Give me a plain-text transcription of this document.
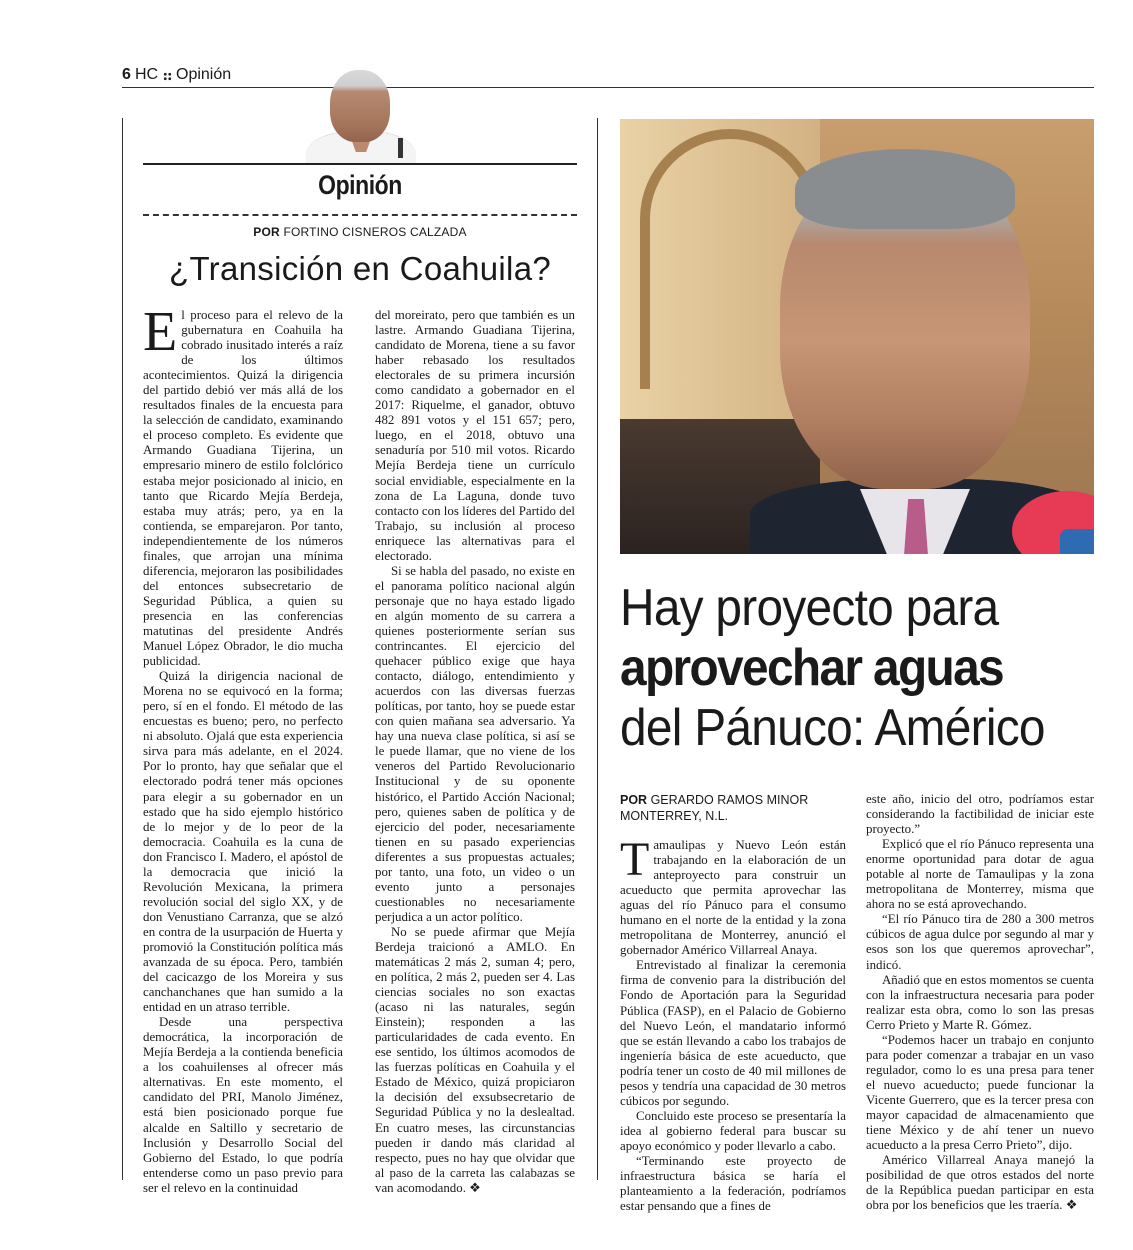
6 HC Opinión
Opinión
POR FORTINO CISNEROS CALZADA
¿Transición en Coahuila?

El proceso para el relevo de la gubernatura en Coahuila ha cobrado inusitado interés a raíz de los últimos acontecimientos. Quizá la dirigencia del partido debió ver más allá de los resultados finales de la encuesta para la selección de candidato, examinando el proceso completo. Es evidente que Armando Guadiana Tijerina, un empresario minero de estilo folclórico estaba mejor posicionado al inicio, en tanto que Ricardo Mejía Berdeja, estaba muy atrás; pero, ya en la contienda, se emparejaron. Por tanto, independientemente de los números finales, que arrojan una mínima diferencia, mejoraron las posibilidades del entonces subsecretario de Seguridad Pública, a quien su presencia en las conferencias matutinas del presidente Andrés Manuel López Obrador, le dio mucha publicidad.

Quizá la dirigencia nacional de Morena no se equivocó en la forma; pero, sí en el fondo. El método de las encuestas es bueno; pero, no perfecto ni absoluto. Ojalá que esta experiencia sirva para más adelante, en el 2024. Por lo pronto, hay que señalar que el electorado podrá tener más opciones para elegir a su gobernador en un estado que ha sido ejemplo histórico de lo mejor y de lo peor de la democracia. Coahuila es la cuna de don Francisco I. Madero, el apóstol de la democracia que inició la Revolución Mexicana, la primera revolución social del siglo XX, y de don Venustiano Carranza, que se alzó en contra de la usurpación de Huerta y promovió la Constitución política más avanzada de su época. Pero, también del cacicazgo de los Moreira y sus canchanchanes que han sumido a la entidad en un atraso terrible.

Desde una perspectiva democrática, la incorporación de Mejía Berdeja a la contienda beneficia a los coahuilenses al ofrecer más alternativas. En este momento, el candidato del PRI, Manolo Jiménez, está bien posicionado porque fue alcalde en Saltillo y secretario de Inclusión y Desarrollo Social del Gobierno del Estado, lo que podría entenderse como un paso previo para ser el relevo en la continuidad

del moreirato, pero que también es un lastre. Armando Guadiana Tijerina, candidato de Morena, tiene a su favor haber rebasado los resultados electorales de su primera incursión como candidato a gobernador en el 2017: Riquelme, el ganador, obtuvo 482 891 votos y el 151 657; pero, luego, en el 2018, obtuvo una senaduría por 510 mil votos. Ricardo Mejía Berdeja tiene un currículo social envidiable, especialmente en la zona de La Laguna, donde tuvo contacto con los líderes del Partido del Trabajo, su inclusión al proceso enriquece las alternativas para el electorado.

Si se habla del pasado, no existe en el panorama político nacional algún personaje que no haya estado ligado en algún momento de su carrera a quienes posteriormente serían sus contrincantes. El ejercicio del quehacer público exige que haya contacto, diálogo, entendimiento y acuerdos con las diversas fuerzas políticas, por tanto, hoy se puede estar con quien mañana sea adversario. Ya hay una nueva clase política, si así se le puede llamar, que no viene de los veneros del Partido Revolucionario Institucional y de su oponente histórico, el Partido Acción Nacional; pero, quienes saben de política y de ejercicio del poder, necesariamente tienen en su pasado experiencias diferentes a sus propuestas actuales; por tanto, una foto, un video o un evento junto a personajes cuestionables no necesariamente perjudica a un actor político.

No se puede afirmar que Mejía Berdeja traicionó a AMLO. En matemáticas 2 más 2, suman 4; pero, en política, 2 más 2, pueden ser 4. Las ciencias sociales no son exactas (acaso ni las naturales, según Einstein); responden a las particularidades de cada evento. En ese sentido, los últimos acomodos de las fuerzas políticas en Coahuila y el Estado de México, quizá propiciaron la decisión del exsubsecretario de Seguridad Pública y no la deslealtad. En cuatro meses, las circunstancias pueden ir dando más claridad al respecto, pues no hay que olvidar que al paso de la carreta las calabazas se van acomodando. ❖

Hay proyecto para
aprovechar aguas
del Pánuco: Américo
POR GERARDO RAMOS MINOR
MONTERREY, N.L.

Tamaulipas y Nuevo León están trabajando en la elaboración de un anteproyecto para construir un acueducto que permita aprovechar las aguas del río Pánuco para el consumo humano en el norte de la entidad y la zona metropolitana de Monterrey, anunció el gobernador Américo Villarreal Anaya.

Entrevistado al finalizar la ceremonia firma de convenio para la distribución del Fondo de Aportación para la Seguridad Pública (FASP), en el Palacio de Gobierno del Nuevo León, el mandatario informó que se están llevando a cabo los trabajos de ingeniería básica de este acueducto, que podría tener un costo de 40 mil millones de pesos y tendría una capacidad de 30 metros cúbicos por segundo.

Concluido este proceso se presentaría la idea al gobierno federal para buscar su apoyo económico y poder llevarlo a cabo.

“Terminando este proyecto de infraestructura básica se haría el planteamiento a la federación, podríamos estar pensando que a fines de

este año, inicio del otro, podríamos estar considerando la factibilidad de iniciar este proyecto.”

Explicó que el río Pánuco representa una enorme oportunidad para dotar de agua potable al norte de Tamaulipas y la zona metropolitana de Monterrey, misma que ahora no se está aprovechando.

“El río Pánuco tira de 280 a 300 metros cúbicos de agua dulce por segundo al mar y esos son los que queremos aprovechar”, indicó.

Añadió que en estos momentos se cuenta con la infraestructura necesaria para poder realizar esta obra, como lo son las presas Cerro Prieto y Marte R. Gómez.

“Podemos hacer un trabajo en conjunto para poder comenzar a trabajar en un vaso regulador, como lo es una presa para tener el nuevo acueducto; puede funcionar la Vicente Guerrero, que es la tercer presa con mayor capacidad de almacenamiento que tiene México y de ahí tener un nuevo acueducto a la presa Cerro Prieto”, dijo.

Américo Villarreal Anaya manejó la posibilidad de que otros estados del norte de la República puedan participar en esta obra por los beneficios que les traería. ❖
